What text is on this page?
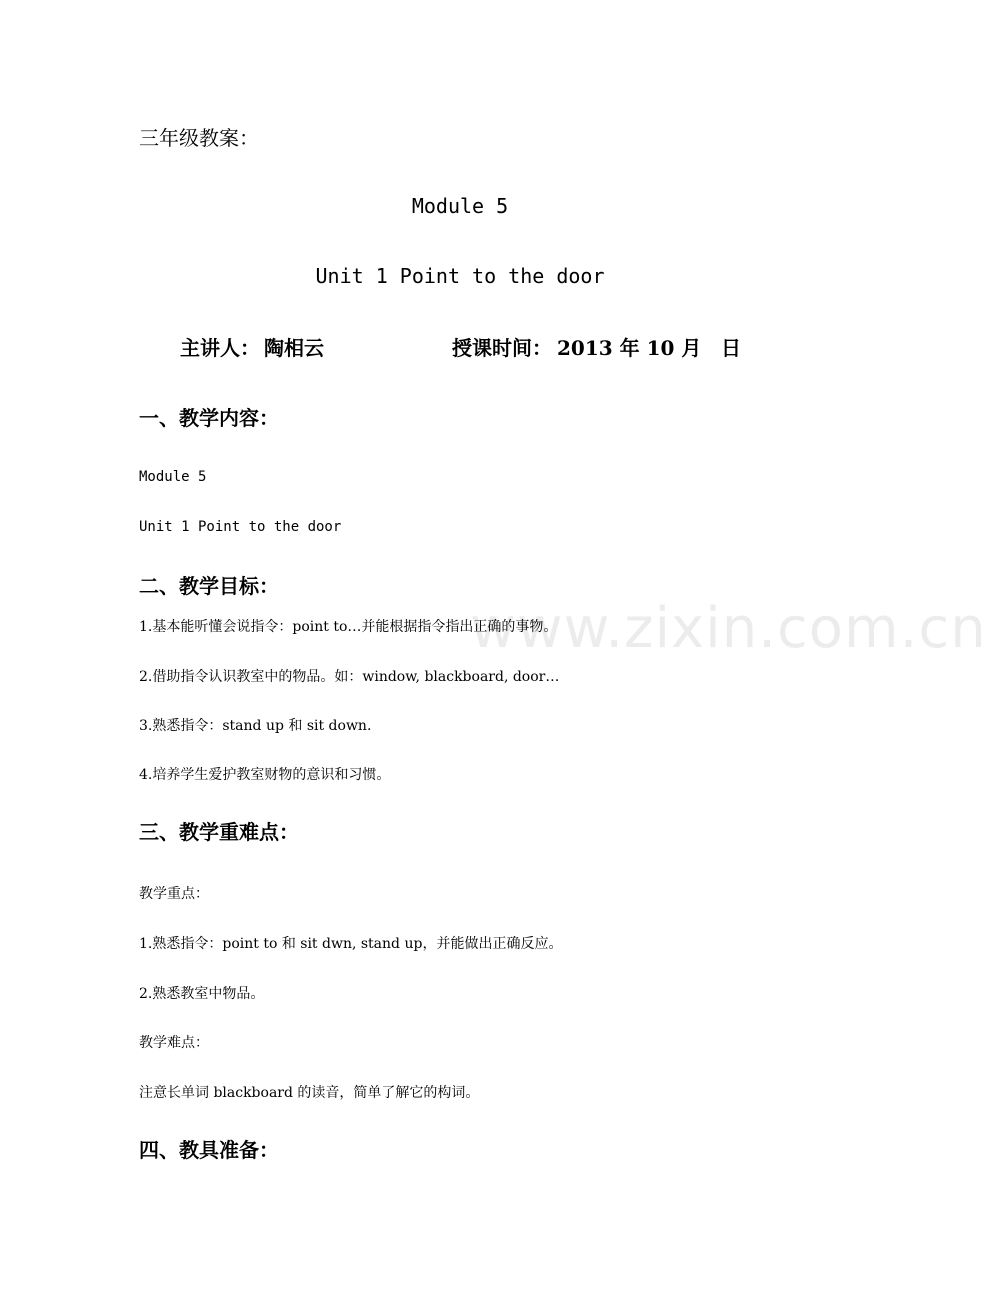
三年级教案：
Module 5
Unit 1 Point to the door
主讲人： 陶相云	授课时间： 2013 年 10 月 日
一、教学内容：
Module 5
Unit 1 Point to the door
二、教学目标：
1.基本能听懂会说指令：point to…并能根据指令指出正确的事物。
2.借助指令认识教室中的物品。如：window, blackboard, door…
3.熟悉指令：stand up 和 sit down.
4.培养学生爱护教室财物的意识和习惯。
三、教学重难点：
教学重点：
1.熟悉指令：point to 和 sit dwn, stand up，并能做出正确反应。
2.熟悉教室中物品。
教学难点：
注意长单词 blackboard 的读音，简单了解它的构词。
四、教具准备：
www.zixin.com.cn
